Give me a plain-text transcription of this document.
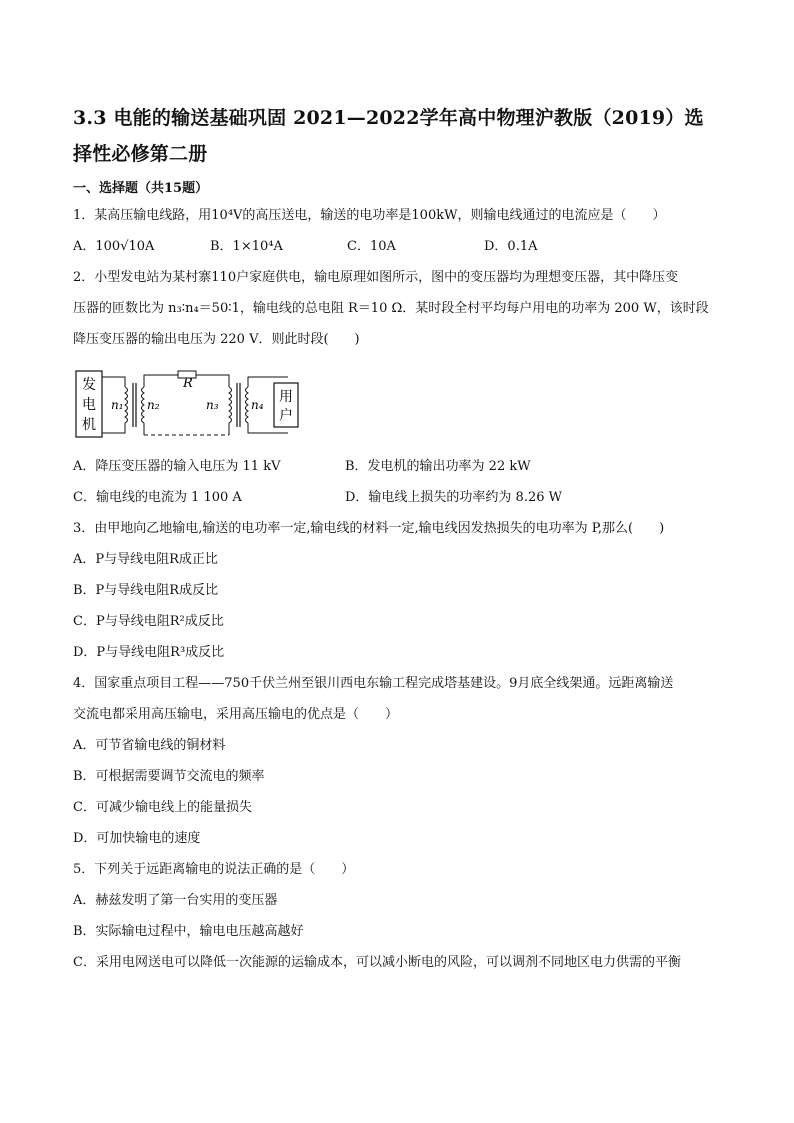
3.3 电能的输送基础巩固 2021—2022学年高中物理沪教版（2019）选
择性必修第二册
一、选择题（共15题）
1．某高压输电线路，用10⁴V的高压送电，输送的电功率是100kW，则输电线通过的电流应是（　　）
A．100√10A	B．1×10⁴A	C．10A	D．0.1A
2．小型发电站为某村寨110户家庭供电，输电原理如图所示，图中的变压器均为理想变压器，其中降压变
压器的匝数比为 n₃∶n₄＝50∶1，输电线的总电阻 R＝10 Ω．某时段全村平均每户用电的功率为 200 W，该时段
降压变压器的输出电压为 220 V．则此时段(　　)
发
电
机
n₁ n₂
R
n₃	n₄ 用
户
A．降压变压器的输入电压为 11 kV	B．发电机的输出功率为 22 kW
C．输电线的电流为 1 100 A	D．输电线上损失的功率约为 8.26 W
3．由甲地向乙地输电,输送的电功率一定,输电线的材料一定,输电线因发热损失的电功率为 P,那么(　　)
A．P与导线电阻R成正比
B．P与导线电阻R成反比
C．P与导线电阻R²成反比
D．P与导线电阻R³成反比
4．国家重点项目工程——750千伏兰州至银川西电东输工程完成塔基建设。9月底全线架通。远距离输送
交流电都采用高压输电，采用高压输电的优点是（　　）
A．可节省输电线的铜材料
B．可根据需要调节交流电的频率
C．可减少输电线上的能量损失
D．可加快输电的速度
5．下列关于远距离输电的说法正确的是（　　）
A．赫兹发明了第一台实用的变压器
B．实际输电过程中，输电电压越高越好
C．采用电网送电可以降低一次能源的运输成本，可以减小断电的风险，可以调剂不同地区电力供需的平衡
